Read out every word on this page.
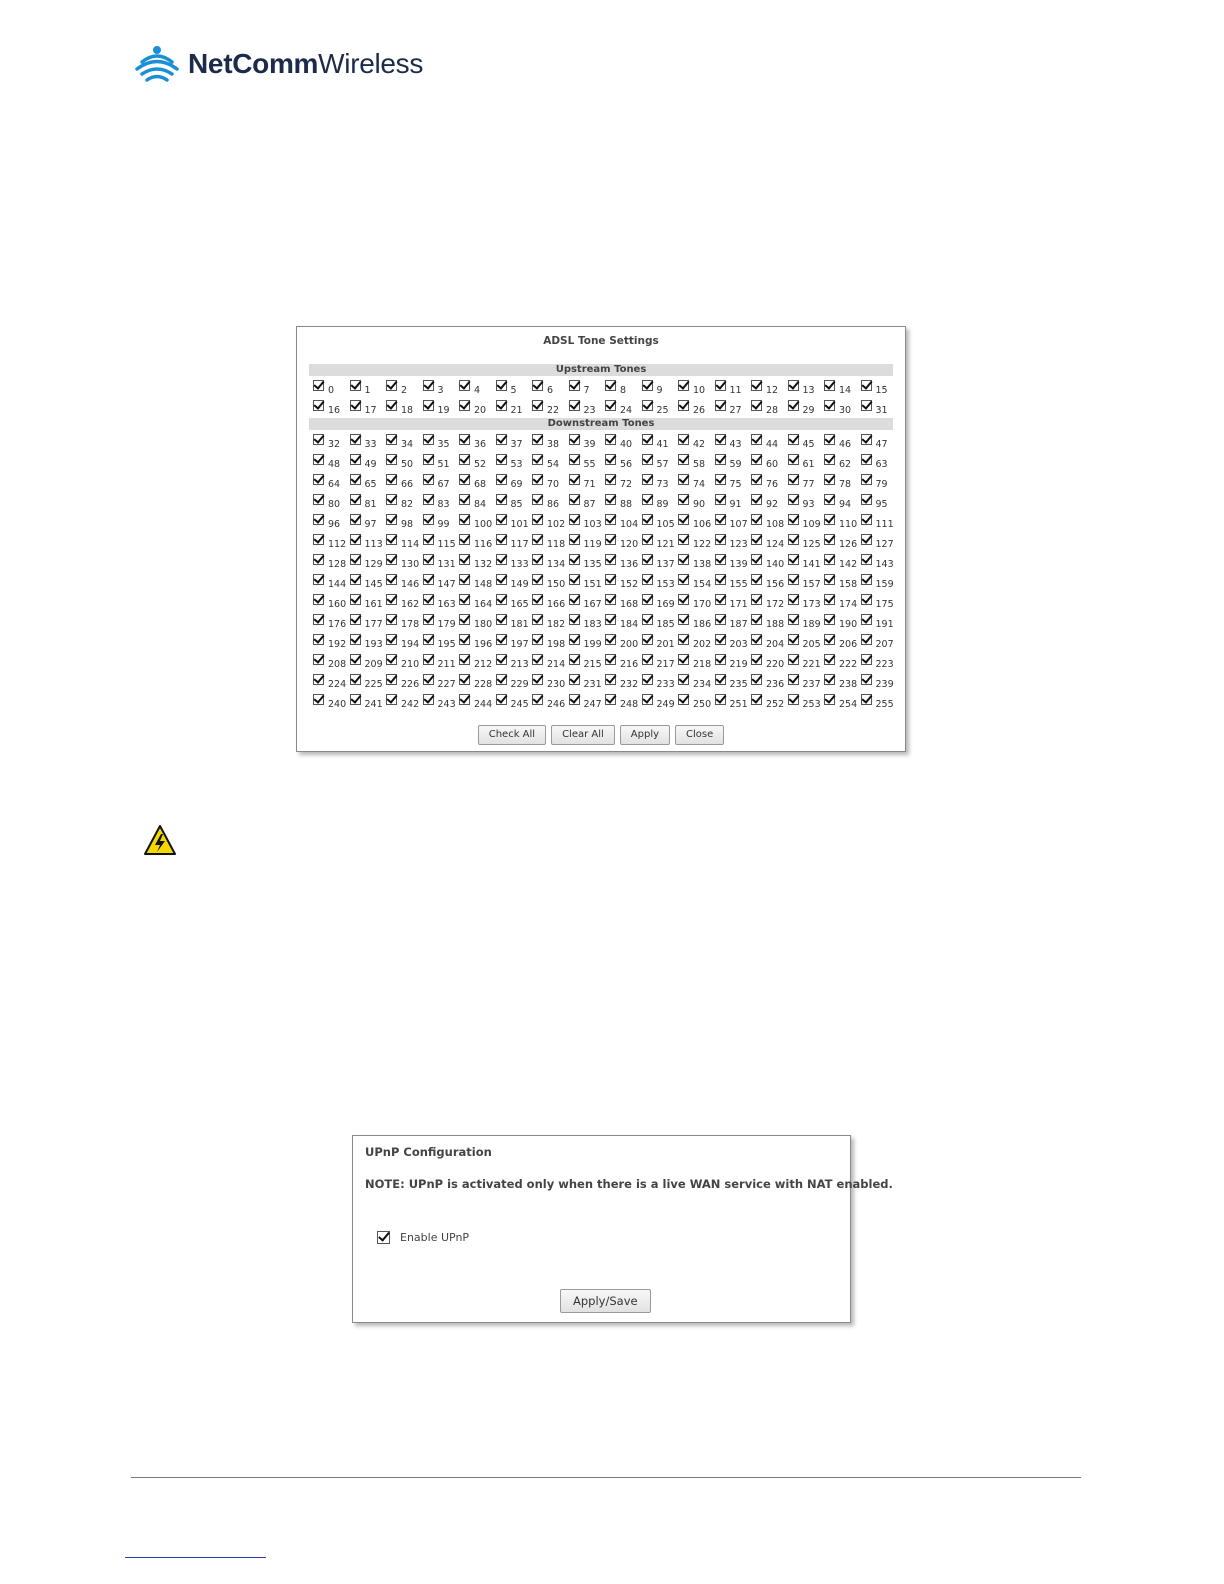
NetCommWireless
ADSL Tone Settings
Upstream Tones
0	1	2	3	4	5	6	7	8	9	10	11	12	13	14	15
16	17	18	19	20	21	22	23	24	25	26	27	28	29	30	31
Downstream Tones
32	33	34	35	36	37	38	39	40	41	42	43	44	45	46	47
48	49	50	51	52	53	54	55	56	57	58	59	60	61	62	63
64	65	66	67	68	69	70	71	72	73	74	75	76	77	78	79
80	81	82	83	84	85	86	87	88	89	90	91	92	93	94	95
96	97	98	99	100 101 102 103 104 105 106 107 108 109 110 111
112 113 114 115 116 117 118 119 120 121 122 123 124 125 126 127
128 129 130 131 132 133 134 135 136 137 138 139 140 141 142 143
144 145 146 147 148 149 150 151 152 153 154 155 156 157 158 159
160 161 162 163 164 165 166 167 168 169 170 171 172 173 174 175
176 177 178 179 180 181 182 183 184 185 186 187 188 189 190 191
192 193 194 195 196 197 198 199 200 201 202 203 204 205 206 207
208 209 210 211 212 213 214 215 216 217 218 219 220 221 222 223
224 225 226 227 228 229 230 231 232 233 234 235 236 237 238 239
240 241 242 243 244 245 246 247 248 249 250 251 252 253 254 255
Check All	Clear All	Apply	Close
UPnP Configuration
NOTE: UPnP is activated only when there is a live WAN service with NAT enabled.
Enable UPnP
Apply/Save
